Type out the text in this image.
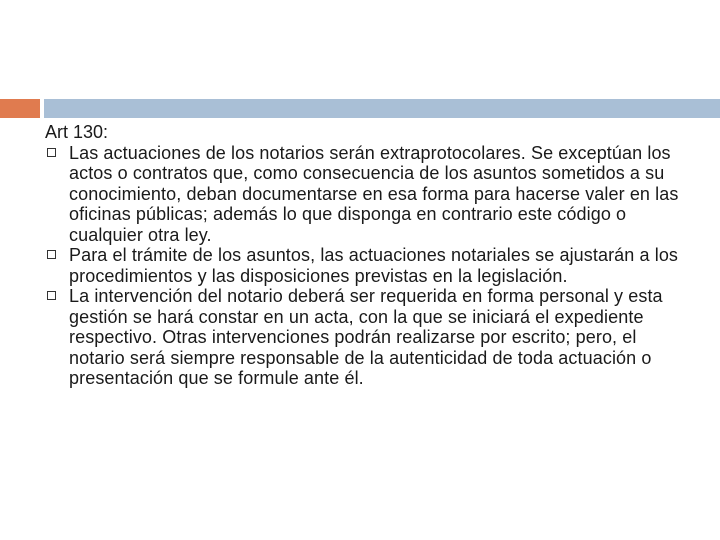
Art 130:

Las actuaciones de los notarios serán extraprotocolares. Se exceptúan los actos o contratos que, como consecuencia de los asuntos sometidos a su conocimiento, deban documentarse en esa forma para hacerse valer en las oficinas públicas; además lo que disponga en contrario este código o cualquier otra ley.
Para el trámite de los asuntos, las actuaciones notariales se ajustarán a los procedimientos y las disposiciones previstas en la legislación.
La intervención del notario deberá ser requerida en forma personal y esta gestión se hará constar en un acta, con la que se iniciará el expediente respectivo. Otras intervenciones podrán realizarse por escrito; pero, el notario será siempre responsable de la autenticidad de toda actuación o presentación que se formule ante él.
